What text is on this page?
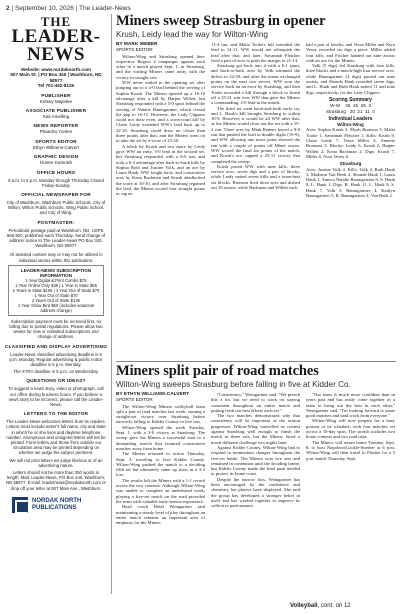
2 | September 10, 2026 | The Leader-News
THE
LEADER-NEWS
Website: www.nordaknorth.com
607 Main St. | PO Box 340 | Washburn, ND 58577
Tel 701-462-8126
PUBLISHER
Kelsey Majeske
ASSOCIATE PUBLISHER
Kali Amelling
NEWS REPORTER
Phaedra Yunker
SPORTS EDITOR
Ethyn Williams-Calvert
GRAPHIC DESIGN
Hunter Kamrath
OFFICE HOURS
9 a.m. to 5 p.m. Monday through Thursday Closed Friday-Sunday
OFFICIAL NEWSPAPER FOR
City of Washburn, Washburn Public Schools, City of Wilton, Wilton Public Schools, Wing Public School, and City of Wing.
POSTMASTER:
Periodicals postage paid at Washburn, ND, USPS 666-920, published each Thursday. Send change of address notice to The Leader-News PO Box 340, Washburn, ND 58577
All assisted content may or may not be utilized in individual stories within this publication.
LEADER-NEWS SUBSCRIPTION INFORMATION
1 Year Digital & Print Combo $75
1 Year Online Only $35 | 1 Year in State $55
2 Years in State $105 | 1 Year Out of State $70
1 Year Out of State $70
2 Years Out of State $135
1 Year Snow Bird $60 (includes seasonal address change)
Subscription payment must be received first, no billing due to postal regulations. Please allow two weeks for new or restarted subscriptions and change of address.
CLASSIFIED AND DISPLAY ADVERTISING
Leader-News classified advertising deadline is 5 p.m. Monday. Regular advertising & public notice deadline is 5 p.m. Monday.
The XTRA deadline is 5 p.m. on Wednesday.
QUESTIONS OR IDEAS?
To suggest a news story, video or photograph, call our office during business hours. If you believe a news story to be incorrect, please call the Leader-News.
LETTERS TO THE EDITOR
The Leader-News welcomes letters from its readers. Letters must include writer's full name, city and state in which he or she lives and daytime telephone number. Anonymous and unsigned letters will not be printed. Form letters and those from outside our circulation area may be printed depending on whether we judge the subject pertinent.
We will not print letters we judge libelous or of an advertising nature.
Letters should not be more than 250 words in length. Mail: Leader-News, PO Box 340, Washburn, ND 58577. E-mail: leadernews@nordaknorth.com or drop off your letter at 607 Main Ave., Washburn.
NORDAK NORTH
PUBLICATIONS
Miners sweep Strasburg in opener
Krush, Leidy lead the way for Wilton-Wing

BY MARK WEBER

SPORTS EDITOR

Wilton-Wing and Strasburg opened their respective Region 4 campaigns against each other in a match played Sept. 1, in Strasburg, and the visiting Miners came away with the victory in straight sets.

WW never trailed in the opening set after jumping out to a 4-0 lead behind the serving of Sophia Krush. The Miners opened up a 16-10 advantage after a kill by Harper Willett, but Strasburg responded with a 5-0 spurt behind the serving of Natalie Baumgartner, which closed the gap to 16-15. However, the Lady Clippers could not draw even, and a cross-court kill by Claire Leidy extended WW's lead back up to 22-18. Strasburg could draw no closer than three points after that, and the Miners went on to take the set by a score of 25-20.

A block by Krush and two more by Leidy gave WW an early, 3-0 lead in the second set, but Strasburg responded with a 6-0 run, and took a 6-3 advantage after back-to-back kills by Sophia Roth and Justine Volk, and an ace by Laura Hauk. WW fought back, and consecutive aces by Kena Backman and Krush deadlocked the score at 10-10, and after Strasburg regained the lead, the Miners scored four straight points to cap an

11-4 run, and Malia Tooke's kill extended the lead to 14-11. WW would not relinquish the lead after that, and later, Savannah Fletcher fired a pair of aces to push the margin to 21-14.

Strasburg got back into it with a 6-1 spurt, and back-to-back aces by Volk trimmed the deficit to 22-20, and after the teams exchanged points on the next two serves, WW won the service back on an error by Strasburg, and then Tooke recorded a kill through a block to finish off a 25-21 win over WW that gave the Miners a commanding, 2-0 lead in the match.

The third set went back-and-forth early on, and L. Hauk's kill brought Strasburg to within 10-9. However, it would be all WW after that, as the Miners would close out the set with a 15-2 run. Three aces by Miah Renner keyed a 9-0 run that pushed the lead to double digits (19-9), and WW allowing one more point showed the run with a couple of points off Miner errors, WW scored the final six points of the match, and Krush's ace capped a 25-11 victory that completed the sweep.

Krush paced WW with nine kills, three service aces, seven digs and a pair of blocks, while Leidy netted seven kills and a team-best six blocks. Bronson fired three aces and dished out 10 assists, while Backman and Willett each

had a pair of blocks, and Tessa Miller and Nora Vesey recorded six digs a piece. Miller added four kills, and Fischer handed out nine assists with an ace for the Miners.

Volk (5 digs) led Strasburg with four kills, three blocks and a match-high four service aces, while Baumgartner (4 digs) passed out nine assists, and Shonda Hauk recorded seven digs, and L. Hauk and Ruth Hauk netted 11 and nine digs, respectively, for the Lady Clippers.

Scoring Summary

W-W    25  25  25  3

Strasburg   20  21  11  0

Individual Leaders

Wilton-Wing

Aces: Sophia Krush 3, Myah Bronson 3, Malia Tooke 1, Savannah Fletcher 1. Kills: Krush 9, Claire Leidy 7, Tessa Miller 4, Annette Bronnert 3. Blocks: Leidy 6, Krush 2, Harper Willett 2, Kena Backman 2. Digs: Krush 7, Miller 6, Nora Vesey 6.

Strasburg

Aces: Justine Volk 4. Kills: Volk 4, Ruth Hauk 3, Madison Van Beek 2, Shonda Hauk 1, Laura Hauk 1, Annica Natalie Baumgartner 9, S. Hauk 8, L. Hauk 1. Digs: R. Hauk 11, L. Hauk 9, S. Hauk 7, Volk 5, Baumgartner 4, Kaitlyn Baumgartner 5, R. Baumgartner 4, Van Beek 2.

Miners split pair of road matches
Wilton-Wing sweeps Strasburg before falling in five at Kidder Co.

BY ETHYN WILLIAMS-CALVERT

SPORTS EDITOR

The Wilton-Wing Miners volleyball team split a pair of road matches last week, earning a straight-set victory over Strasburg before narrowly falling to Kidder County in five sets.

Wilton-Wing opened the week Tuesday, Sept. 1, with a 3-0 victory at Strasburg. The sweep gave the Miners a successful start to a demanding stretch that featured consecutive matches away from home.

The Miners returned to action Thursday, Sept. 3, traveling to face Kidder County. Wilton-Wing pushed the match to a deciding fifth set but ultimately came up short in a 3-2 loss.

The results left the Miners with a 1-1 record across the two contests. Although Wilton-Wing was unable to complete an undefeated week, playing a five-set match on the road provided the team with valuable early-season experience.

Head coach Heidi Weingartner said maintaining a steady level of play throughout an entire match remains an important area of emphasis for the Miners.

"Consistency," Weingartner said. "We preach this a lot, but we need to work on staying consistent throughout an entire match and putting forth our best efforts each set."

The two matches demonstrated why that consistency will be important as the season progresses. Wilton-Wing controlled its contest against Strasburg well enough to finish the match in three sets, but the Miners faced a much different challenge two nights later.

Against Kidder County, Wilton-Wing had to respond to momentum changes throughout the five-set battle. The Miners won two sets and remained in contention until the deciding frame, but Kidder County made the final push needed to protect its home court.

Despite the narrow loss, Weingartner has been encouraged by the confidence and chemistry her players have displayed. She said the group has developed a stronger belief in itself and has worked together to improve its collective performance.

"Our team is much more confident than in years past and has really come together as a team to bring out the best in each other," Weingartner said. "I'm looking forward to some good matches and hard work from everyone."

Wilton-Wing will now prepare for a busy portion of its schedule, with four matches set across a 10-day span. The stretch includes two home contests and two road trips.

The Miners will return home Tuesday, Sept. 8, to host Napoleon/Gackle-Streeter at 6 p.m. Wilton-Wing will then travel to Flasher for a 5 p.m. match Thursday, Sept.

Volleyball, cont. on 12
